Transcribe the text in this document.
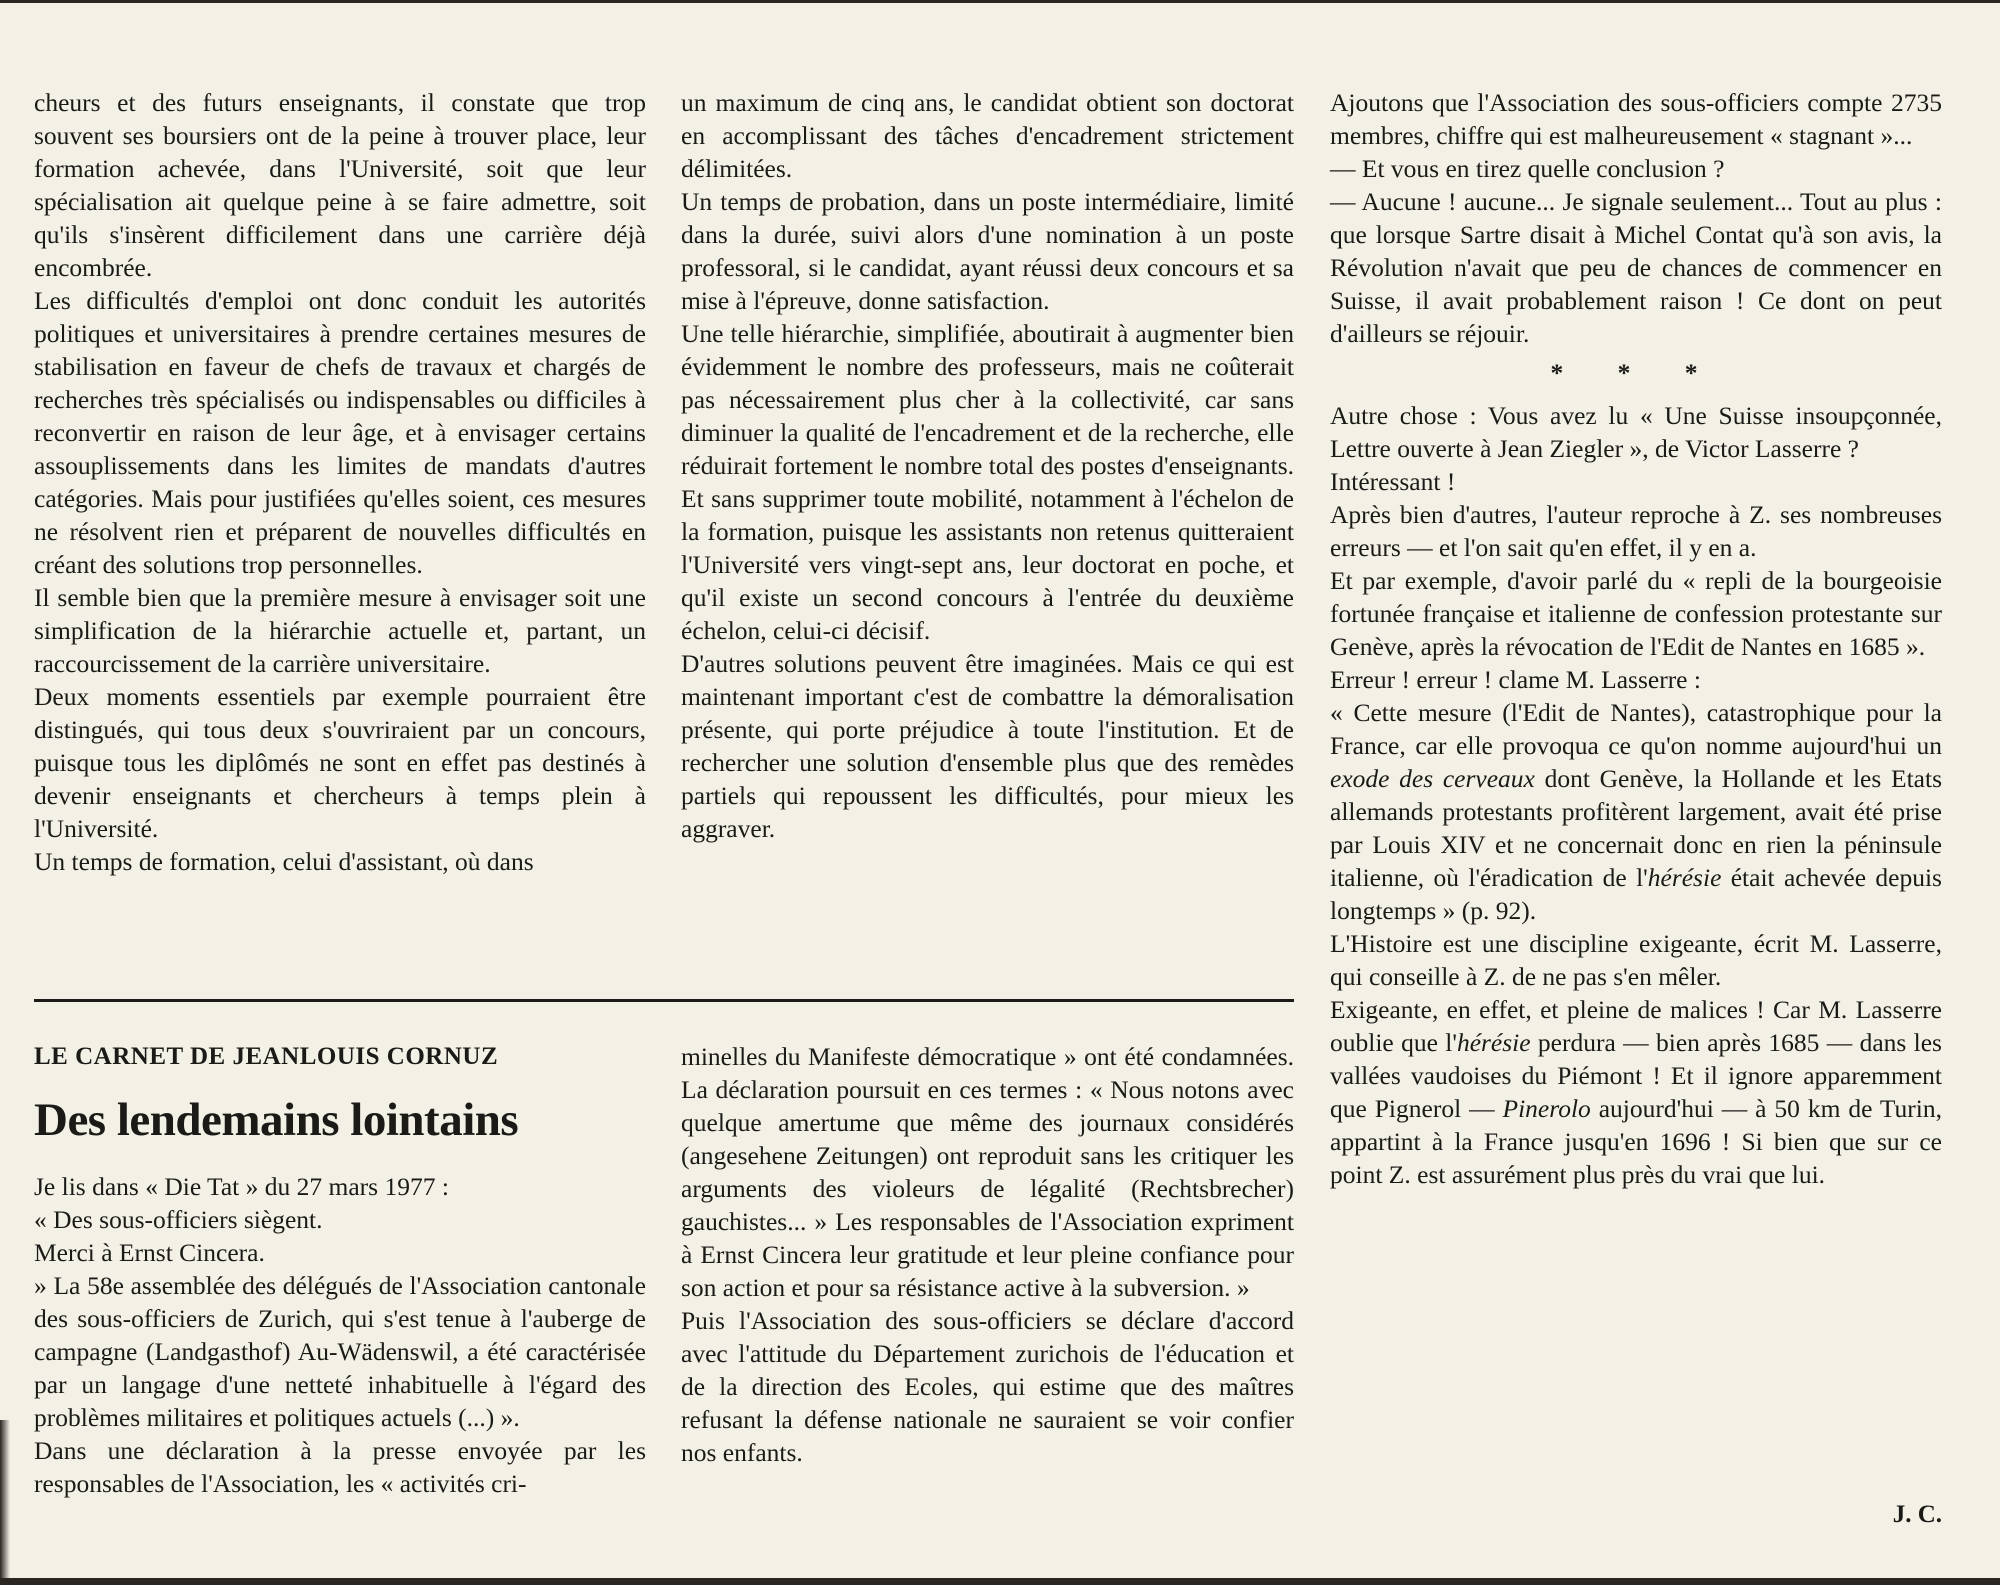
cheurs et des futurs enseignants, il constate que trop souvent ses boursiers ont de la peine à trouver place, leur formation achevée, dans l'Université, soit que leur spécialisation ait quelque peine à se faire admettre, soit qu'ils s'insèrent difficilement dans une carrière déjà encombrée.

Les difficultés d'emploi ont donc conduit les autorités politiques et universitaires à prendre certaines mesures de stabilisation en faveur de chefs de travaux et chargés de recherches très spécialisés ou indispensables ou difficiles à reconvertir en raison de leur âge, et à envisager certains assouplissements dans les limites de mandats d'autres catégories. Mais pour justifiées qu'elles soient, ces mesures ne résolvent rien et préparent de nouvelles difficultés en créant des solutions trop personnelles.

Il semble bien que la première mesure à envisager soit une simplification de la hiérarchie actuelle et, partant, un raccourcissement de la carrière universitaire.

Deux moments essentiels par exemple pourraient être distingués, qui tous deux s'ouvriraient par un concours, puisque tous les diplômés ne sont en effet pas destinés à devenir enseignants et chercheurs à temps plein à l'Université.

Un temps de formation, celui d'assistant, où dans

un maximum de cinq ans, le candidat obtient son doctorat en accomplissant des tâches d'encadrement strictement délimitées.

Un temps de probation, dans un poste intermédiaire, limité dans la durée, suivi alors d'une nomination à un poste professoral, si le candidat, ayant réussi deux concours et sa mise à l'épreuve, donne satisfaction.

Une telle hiérarchie, simplifiée, aboutirait à augmenter bien évidemment le nombre des professeurs, mais ne coûterait pas nécessairement plus cher à la collectivité, car sans diminuer la qualité de l'encadrement et de la recherche, elle réduirait fortement le nombre total des postes d'enseignants. Et sans supprimer toute mobilité, notamment à l'échelon de la formation, puisque les assistants non retenus quitteraient l'Université vers vingt-sept ans, leur doctorat en poche, et qu'il existe un second concours à l'entrée du deuxième échelon, celui-ci décisif.

D'autres solutions peuvent être imaginées. Mais ce qui est maintenant important c'est de combattre la démoralisation présente, qui porte préjudice à toute l'institution. Et de rechercher une solution d'ensemble plus que des remèdes partiels qui repoussent les difficultés, pour mieux les aggraver.

LE CARNET DE JEANLOUIS CORNUZ
Des lendemains lointains

Je lis dans « Die Tat » du 27 mars 1977 :

« Des sous-officiers siègent.

Merci à Ernst Cincera.

» La 58e assemblée des délégués de l'Association cantonale des sous-officiers de Zurich, qui s'est tenue à l'auberge de campagne (Landgasthof) Au-Wädenswil, a été caractérisée par un langage d'une netteté inhabituelle à l'égard des problèmes militaires et politiques actuels (...) ».

Dans une déclaration à la presse envoyée par les responsables de l'Association, les « activités cri-

minelles du Manifeste démocratique » ont été condamnées. La déclaration poursuit en ces termes : « Nous notons avec quelque amertume que même des journaux considérés (angesehene Zeitungen) ont reproduit sans les critiquer les arguments des violeurs de légalité (Rechtsbrecher) gauchistes... » Les responsables de l'Association expriment à Ernst Cincera leur gratitude et leur pleine confiance pour son action et pour sa résistance active à la subversion. »

Puis l'Association des sous-officiers se déclare d'accord avec l'attitude du Département zurichois de l'éducation et de la direction des Ecoles, qui estime que des maîtres refusant la défense nationale ne sauraient se voir confier nos enfants.

Ajoutons que l'Association des sous-officiers compte 2735 membres, chiffre qui est malheureusement « stagnant »...

— Et vous en tirez quelle conclusion ?

— Aucune ! aucune... Je signale seulement... Tout au plus : que lorsque Sartre disait à Michel Contat qu'à son avis, la Révolution n'avait que peu de chances de commencer en Suisse, il avait probablement raison ! Ce dont on peut d'ailleurs se réjouir.

* * *

Autre chose : Vous avez lu « Une Suisse insoupçonnée, Lettre ouverte à Jean Ziegler », de Victor Lasserre ?

Intéressant !

Après bien d'autres, l'auteur reproche à Z. ses nombreuses erreurs — et l'on sait qu'en effet, il y en a.

Et par exemple, d'avoir parlé du « repli de la bourgeoisie fortunée française et italienne de confession protestante sur Genève, après la révocation de l'Edit de Nantes en 1685 ».

Erreur ! erreur ! clame M. Lasserre :

« Cette mesure (l'Edit de Nantes), catastrophique pour la France, car elle provoqua ce qu'on nomme aujourd'hui un exode des cerveaux dont Genève, la Hollande et les Etats allemands protestants profitèrent largement, avait été prise par Louis XIV et ne concernait donc en rien la péninsule italienne, où l'éradication de l'hérésie était achevée depuis longtemps » (p. 92).

L'Histoire est une discipline exigeante, écrit M. Lasserre, qui conseille à Z. de ne pas s'en mêler.

Exigeante, en effet, et pleine de malices ! Car M. Lasserre oublie que l'hérésie perdura — bien après 1685 — dans les vallées vaudoises du Piémont ! Et il ignore apparemment que Pignerol — Pinerolo aujourd'hui — à 50 km de Turin, appartint à la France jusqu'en 1696 ! Si bien que sur ce point Z. est assurément plus près du vrai que lui.

J. C.
